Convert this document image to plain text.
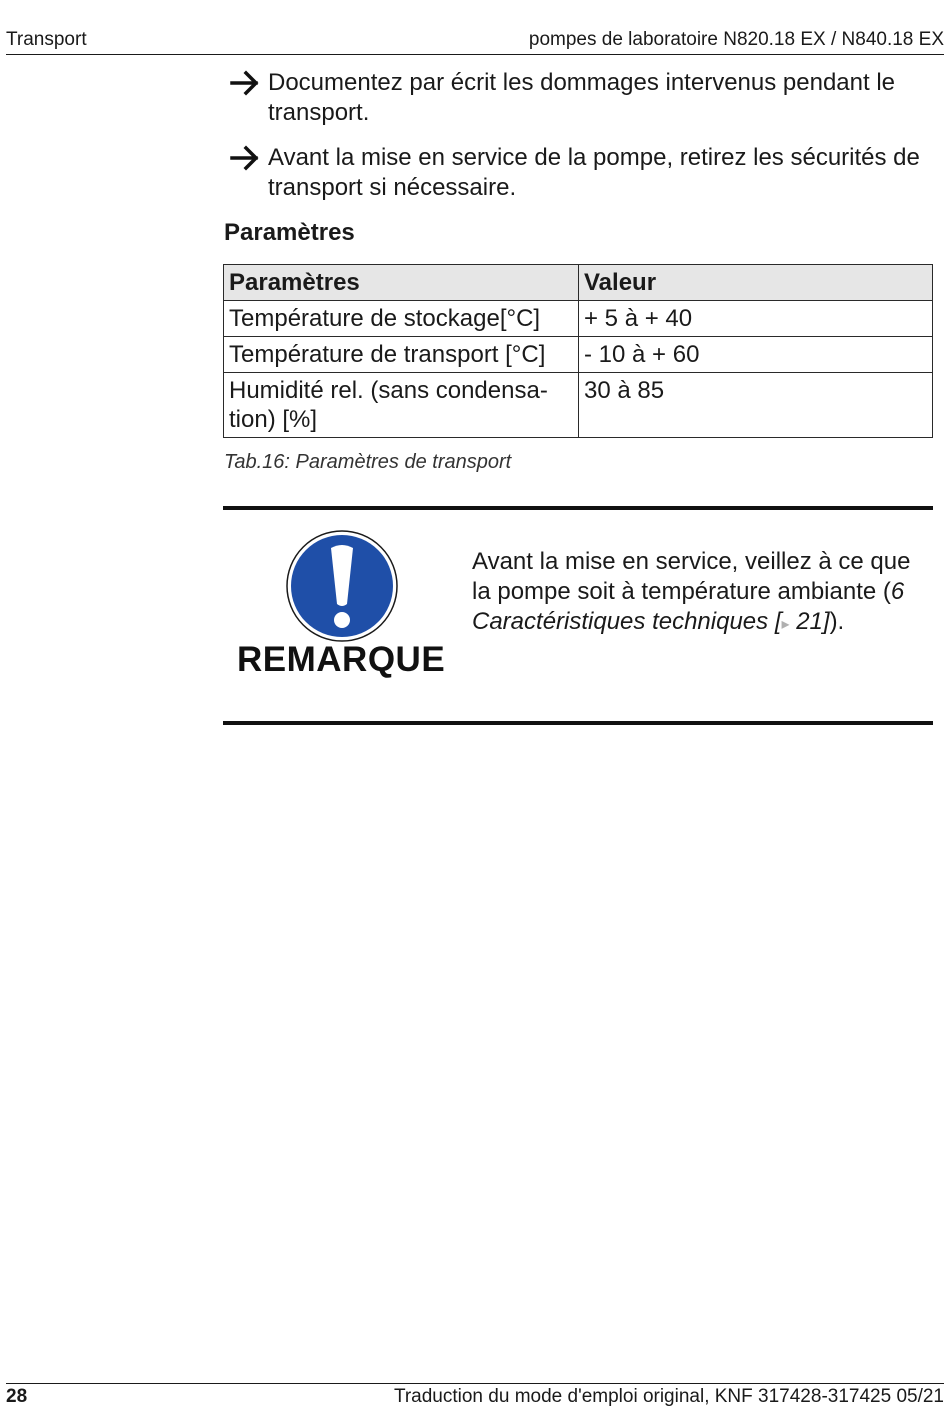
Transport	pompes de laboratoire N820.18 EX / N840.18 EX
Documentez par écrit les dommages intervenus pendant le transport.
Avant la mise en service de la pompe, retirez les sécurités de transport si nécessaire.
Paramètres
Paramètres	Valeur
Température de stockage[°C]	+ 5 à + 40
Température de transport [°C]	- 10 à + 60
Humidité rel. (sans condensa-tion) [%]	30 à 85
Tab.16: Paramètres de transport
REMARQUE
Avant la mise en service, veillez à ce que la pompe soit à température ambiante (6 Caractéristiques techniques [▸ 21]).
28	Traduction du mode d'emploi original, KNF 317428-317425 05/21
